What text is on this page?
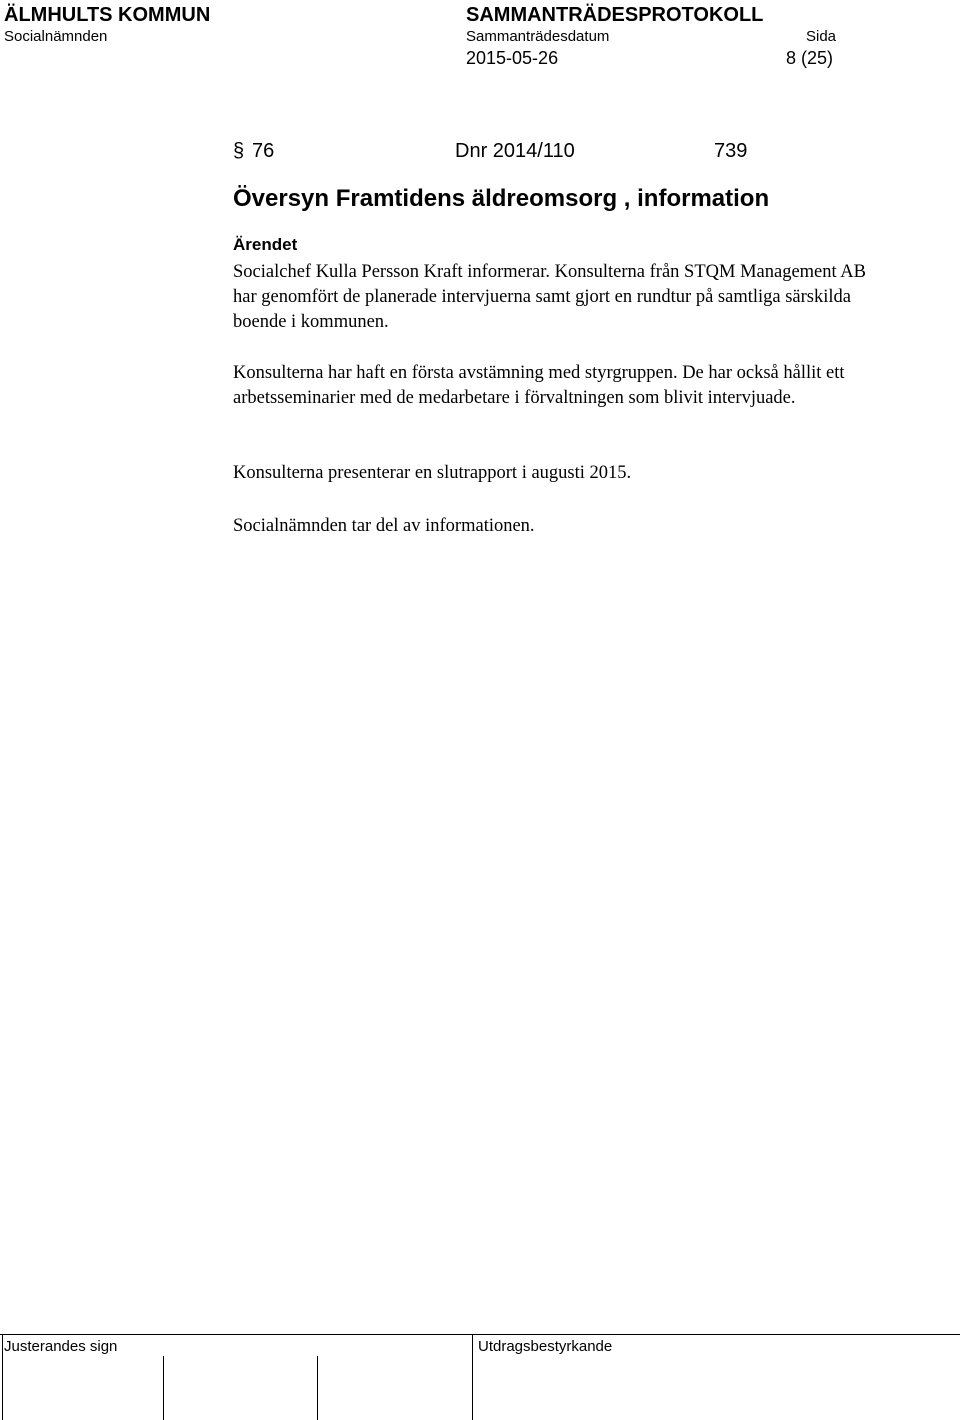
ÄLMHULTS KOMMUN
Socialnämnden
SAMMANTRÄDESPROTOKOLL
Sammanträdesdatum	Sida
2015-05-26	8 (25)
§ 76	Dnr 2014/110	739
Översyn Framtidens äldreomsorg , information
Ärendet

Socialchef Kulla Persson Kraft informerar. Konsulterna från STQM Management AB har genomfört de planerade intervjuerna samt gjort en rundtur på samtliga särskilda boende i kommunen.

Konsulterna har haft en första avstämning med styrgruppen. De har också hållit ett arbetsseminarier med de medarbetare i förvaltningen som blivit intervjuade.

Konsulterna presenterar en slutrapport i augusti 2015.

Socialnämnden tar del av informationen.

Justerandes sign	Utdragsbestyrkande
